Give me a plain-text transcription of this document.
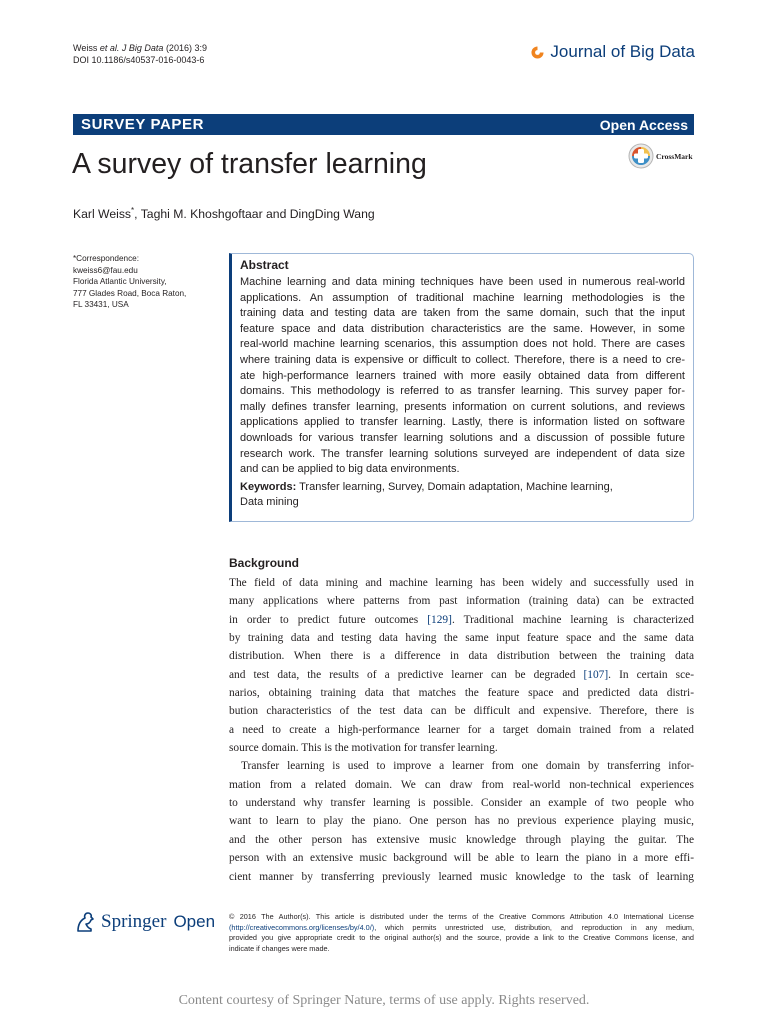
Weiss et al. J Big Data (2016) 3:9
DOI 10.1186/s40537-016-0043-6	Journal of Big Data
SURVEY PAPER	Open Access
A survey of transfer learning	CrossMark
Karl Weiss*, Taghi M. Khoshgoftaar and DingDing Wang
*Correspondence:
kweiss6@fau.edu
Florida Atlantic University,
777 Glades Road, Boca Raton,
FL 33431, USA
Abstract
Machine learning and data mining techniques have been used in numerous real-world
applications. An assumption of traditional machine learning methodologies is the
training data and testing data are taken from the same domain, such that the input
feature space and data distribution characteristics are the same. However, in some
real-world machine learning scenarios, this assumption does not hold. There are cases
where training data is expensive or difficult to collect. Therefore, there is a need to cre-
ate high-performance learners trained with more easily obtained data from different
domains. This methodology is referred to as transfer learning. This survey paper for-
mally defines transfer learning, presents information on current solutions, and reviews
applications applied to transfer learning. Lastly, there is information listed on software
downloads for various transfer learning solutions and a discussion of possible future
research work. The transfer learning solutions surveyed are independent of data size
and can be applied to big data environments.
Keywords: Transfer learning, Survey, Domain adaptation, Machine learning,
Data mining
Background
The field of data mining and machine learning has been widely and successfully used in
many applications where patterns from past information (training data) can be extracted
in order to predict future outcomes [129]. Traditional machine learning is characterized
by training data and testing data having the same input feature space and the same data
distribution. When there is a difference in data distribution between the training data
and test data, the results of a predictive learner can be degraded [107]. In certain sce-
narios, obtaining training data that matches the feature space and predicted data distri-
bution characteristics of the test data can be difficult and expensive. Therefore, there is
a need to create a high-performance learner for a target domain trained from a related
source domain. This is the motivation for transfer learning.
Transfer learning is used to improve a learner from one domain by transferring infor-
mation from a related domain. We can draw from real-world non-technical experiences
to understand why transfer learning is possible. Consider an example of two people who
want to learn to play the piano. One person has no previous experience playing music,
and the other person has extensive music knowledge through playing the guitar. The
person with an extensive music background will be able to learn the piano in a more effi-
cient manner by transferring previously learned music knowledge to the task of learning
Springer Open © 2016 The Author(s). This article is distributed under the terms of the Creative Commons Attribution 4.0 International License
(http://creativecommons.org/licenses/by/4.0/), which permits unrestricted use, distribution, and reproduction in any medium,
provided you give appropriate credit to the original author(s) and the source, provide a link to the Creative Commons license, and
indicate if changes were made.
Content courtesy of Springer Nature, terms of use apply. Rights reserved.
